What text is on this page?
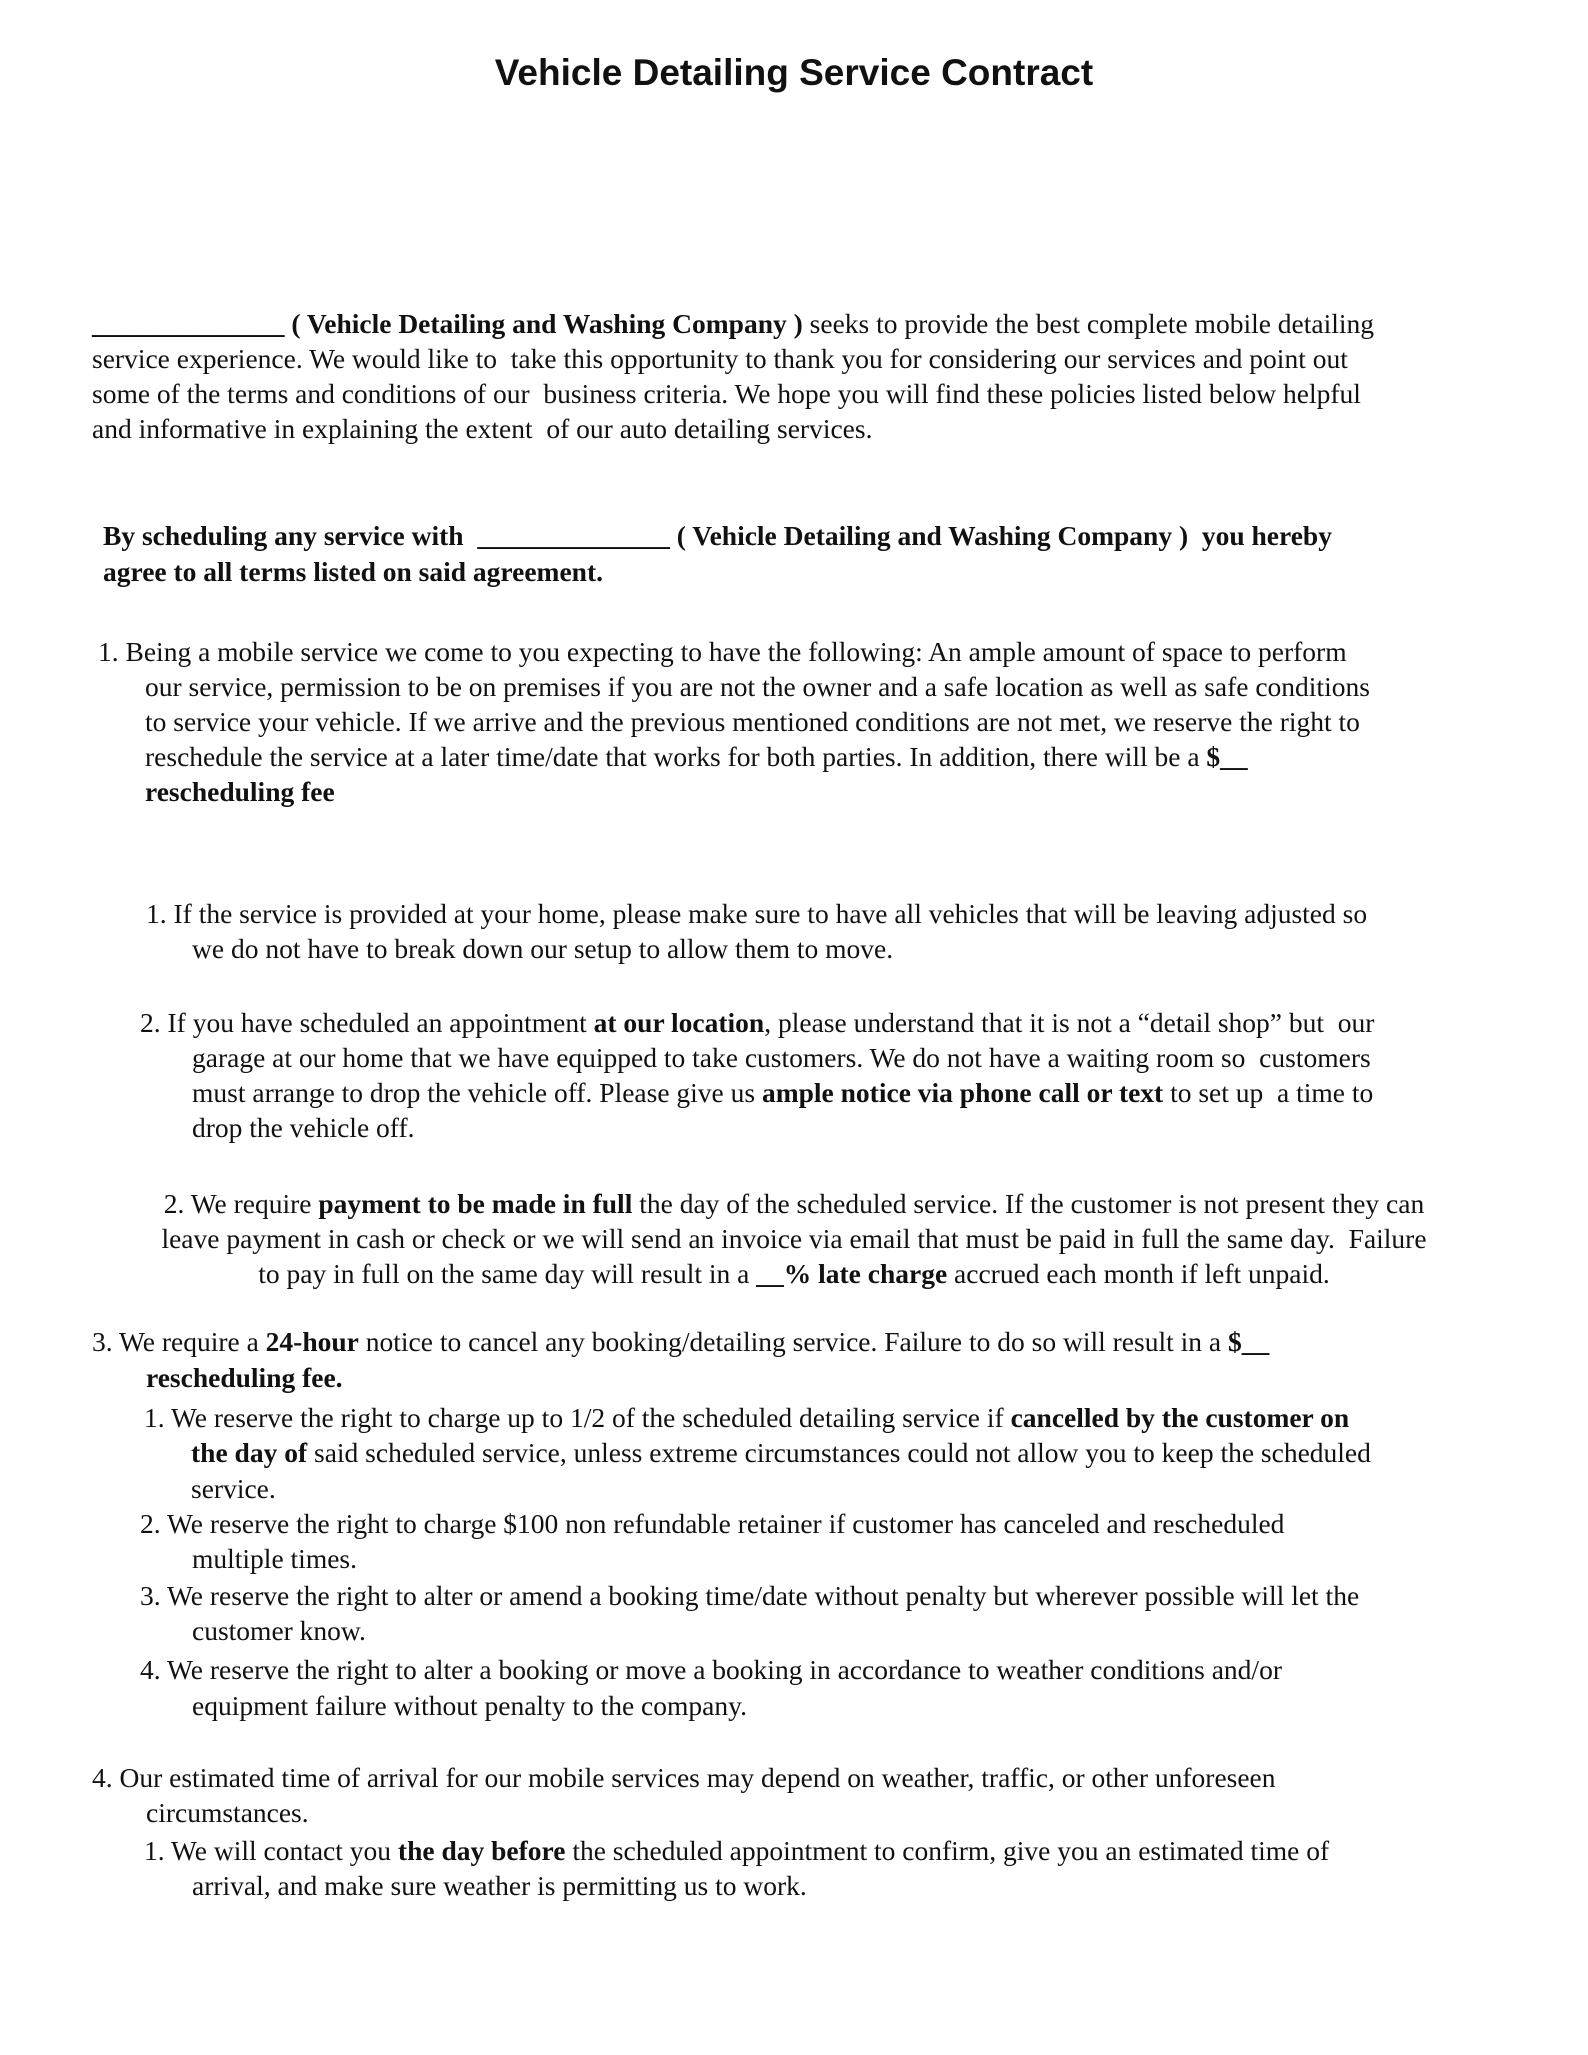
Vehicle Detailing Service Contract
______________ ( Vehicle Detailing and Washing Company ) seeks to provide the best complete mobile detailing
service experience. We would like to  take this opportunity to thank you for considering our services and point out
some of the terms and conditions of our  business criteria. We hope you will find these policies listed below helpful
and informative in explaining the extent  of our auto detailing services.
By scheduling any service with  ______________ ( Vehicle Detailing and Washing Company )  you hereby
agree to all terms listed on said agreement.
1. Being a mobile service we come to you expecting to have the following: An ample amount of space to perform
our service, permission to be on premises if you are not the owner and a safe location as well as safe conditions
to service your vehicle. If we arrive and the previous mentioned conditions are not met, we reserve the right to
reschedule the service at a later time/date that works for both parties. In addition, there will be a $__
rescheduling fee
1. If the service is provided at your home, please make sure to have all vehicles that will be leaving adjusted so
we do not have to break down our setup to allow them to move.
2. If you have scheduled an appointment at our location, please understand that it is not a “detail shop” but  our
garage at our home that we have equipped to take customers. We do not have a waiting room so  customers
must arrange to drop the vehicle off. Please give us ample notice via phone call or text to set up  a time to
drop the vehicle off.
2. We require payment to be made in full the day of the scheduled service. If the customer is not present they can
leave payment in cash or check or we will send an invoice via email that must be paid in full the same day.  Failure
to pay in full on the same day will result in a __% late charge accrued each month if left unpaid.
3. We require a 24-hour notice to cancel any booking/detailing service. Failure to do so will result in a $__
rescheduling fee.
1. We reserve the right to charge up to 1/2 of the scheduled detailing service if cancelled by the customer on
the day of said scheduled service, unless extreme circumstances could not allow you to keep the scheduled
service.
2. We reserve the right to charge $100 non refundable retainer if customer has canceled and rescheduled
multiple times.
3. We reserve the right to alter or amend a booking time/date without penalty but wherever possible will let the
customer know.
4. We reserve the right to alter a booking or move a booking in accordance to weather conditions and/or
equipment failure without penalty to the company.
4. Our estimated time of arrival for our mobile services may depend on weather, traffic, or other unforeseen
circumstances.
1. We will contact you the day before the scheduled appointment to confirm, give you an estimated time of
arrival, and make sure weather is permitting us to work.
